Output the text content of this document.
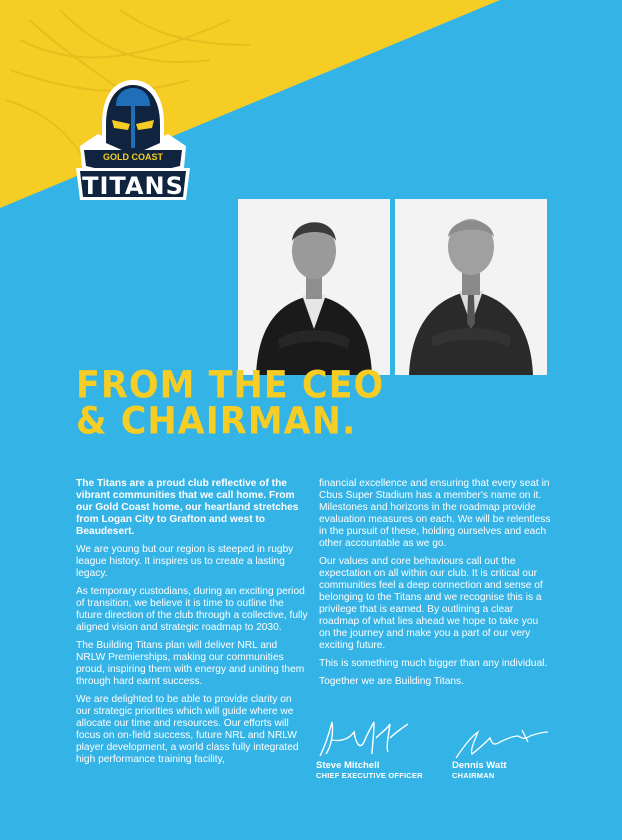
GOLD COAST
TITANS
FROM THE CEO
& CHAIRMAN.

The Titans are a proud club reflective of the vibrant communities that we call home. From our Gold Coast home, our heartland stretches from Logan City to Grafton and west to Beaudesert.

We are young but our region is steeped in rugby league history. It inspires us to create a lasting legacy.

As temporary custodians, during an exciting period of transition, we believe it is time to outline the future direction of the club through a collective, fully aligned vision and strategic roadmap to 2030.

The Building Titans plan will deliver NRL and NRLW Premierships, making our communities proud, inspiring them with energy and uniting them through hard earnt success.

We are delighted to be able to provide clarity on our strategic priorities which will guide where we allocate our time and resources. Our efforts will focus on on-field success, future NRL and NRLW player development, a world class fully integrated high performance training facility,

financial excellence and ensuring that every seat in Cbus Super Stadium has a member's name on it. Milestones and horizons in the roadmap provide evaluation measures on each. We will be relentless in the pursuit of these, holding ourselves and each other accountable as we go.

Our values and core behaviours call out the expectation on all within our club. It is critical our communities feel a deep connection and sense of belonging to the Titans and we recognise this is a privilege that is earned. By outlining a clear roadmap of what lies ahead we hope to take you on the journey and make you a part of our very exciting future.

This is something much bigger than any individual.

Together we are Building Titans.

Steve Mitchell
CHIEF EXECUTIVE OFFICER
Dennis Watt
CHAIRMAN
